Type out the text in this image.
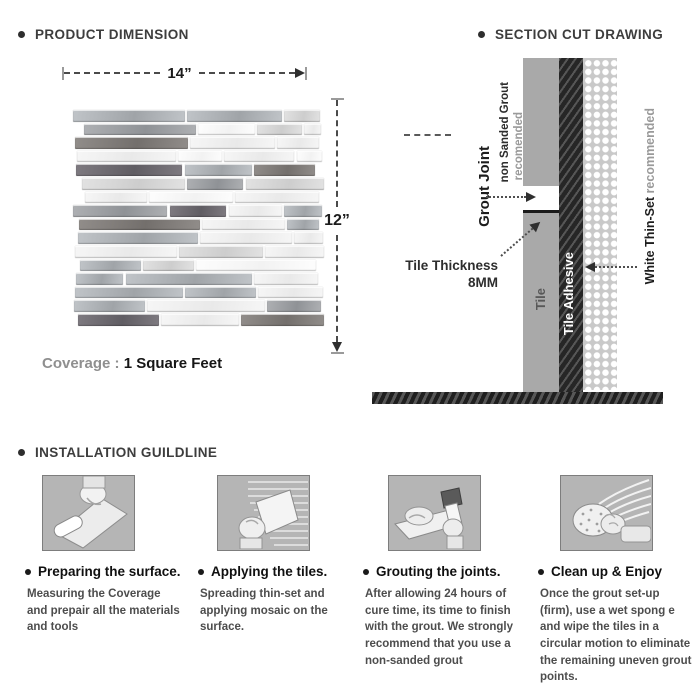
PRODUCT DIMENSION
14”
12”
Coverage : 1 Square Feet
SECTION CUT DRAWING
Grout Joint
non Sanded Grout recomended
Tile Thickness
8MM
Tile Tile Adhesive
White Thin-Set recommended
INSTALLATION GUILDLINE
Preparing the surface.
Measuring the Coverage and prepair all the materials and tools
Applying the tiles.
Spreading thin-set and applying mosaic on the surface.
Grouting the joints.
After allowing 24 hours of cure time, its time to finish with the grout. We strongly recommend that you use a non-sanded grout
Clean up & Enjoy
Once the grout set-up (firm), use a wet spong e and wipe the tiles in a circular motion to eliminate the remaining uneven grout points.
